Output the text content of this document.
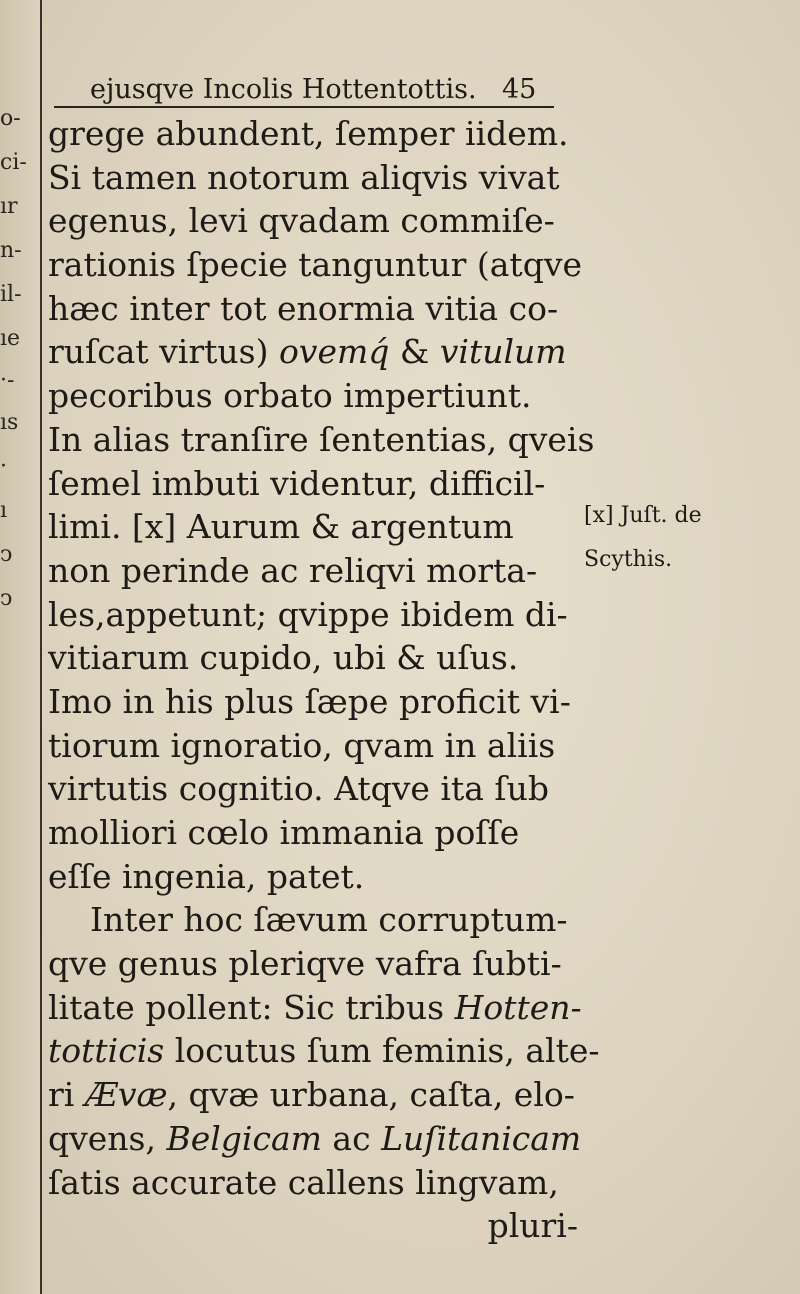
o-
ci-
ır
n-
il-
ıe
·-
ıs
·
ı
ͻ
ͻ
ejusqve Incolis Hottentottis. 45
grege abundent, ſemper iidem.
Si tamen notorum aliqvis vivat
egenus, levi qvadam commiſe-
rationis ſpecie tanguntur (atqve
hæc inter tot enormia vitia co-
ruſcat virtus) ovemq́ & vitulum
pecoribus orbato impertiunt.
In alias tranſire ſententias, qveis
ſemel imbuti videntur, difficil-
limi. [x] Aurum & argentum
non perinde ac reliqvi morta-
les,appetunt; qvippe ibidem di-
vitiarum cupido, ubi & uſus.
Imo in his plus ſæpe proficit vi-
tiorum ignoratio, qvam in aliis
virtutis cognitio. Atqve ita ſub
molliori cœlo immania poſſe
eſſe ingenia, patet.
Inter hoc ſævum corruptum-
qve genus pleriqve vafra ſubti-
litate pollent: Sic tribus Hotten-
totticis locutus ſum feminis, alte-
ri Ævæ, qvæ urbana, caſta, elo-
qvens, Belgicam ac Luſitanicam
ſatis accurate callens lingvam,
pluri-
[x] Juſt. de
Scythis.
